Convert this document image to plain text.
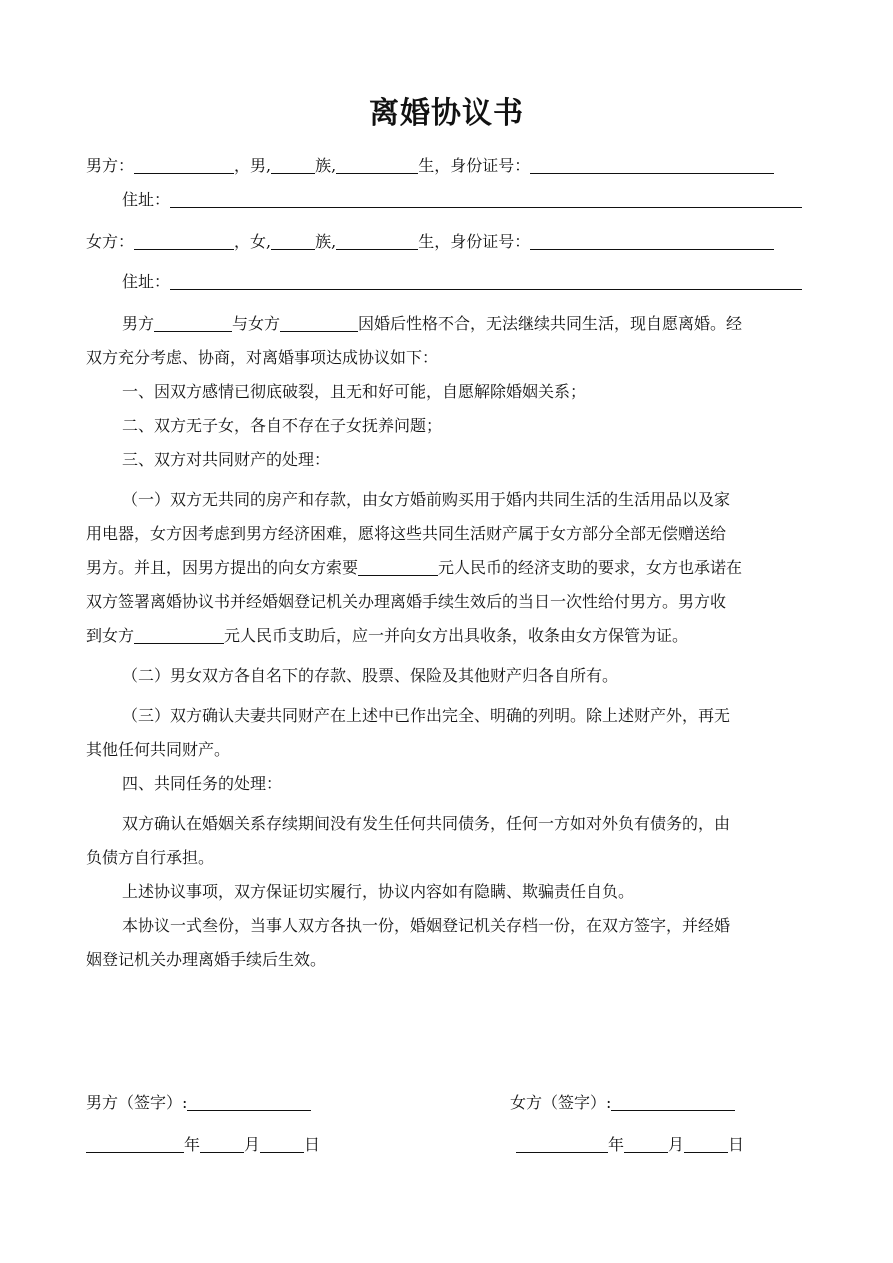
离婚协议书
男方：	，男,	族,	生，身份证号：
住址：
女方：	，女,	族,	生，身份证号：
住址：
男方	与女方	因婚后性格不合，无法继续共同生活，现自愿离婚。经
双方充分考虑、协商，对离婚事项达成协议如下：
一、因双方感情已彻底破裂，且无和好可能，自愿解除婚姻关系；
二、双方无子女，各自不存在子女抚养问题；
三、双方对共同财产的处理：
（一）双方无共同的房产和存款，由女方婚前购买用于婚内共同生活的生活用品以及家
用电器，女方因考虑到男方经济困难，愿将这些共同生活财产属于女方部分全部无偿赠送给
男方。并且，因男方提出的向女方索要	元人民币的经济支助的要求，女方也承诺在
双方签署离婚协议书并经婚姻登记机关办理离婚手续生效后的当日一次性给付男方。男方收
到女方	元人民币支助后，应一并向女方出具收条，收条由女方保管为证。
（二）男女双方各自名下的存款、股票、保险及其他财产归各自所有。
（三）双方确认夫妻共同财产在上述中已作出完全、明确的列明。除上述财产外，再无
其他任何共同财产。
四、共同任务的处理：
双方确认在婚姻关系存续期间没有发生任何共同债务，任何一方如对外负有债务的，由
负债方自行承担。
上述协议事项，双方保证切实履行，协议内容如有隐瞒、欺骗责任自负。
本协议一式叁份，当事人双方各执一份，婚姻登记机关存档一份，在双方签字，并经婚
姻登记机关办理离婚手续后生效。
男方（签字）:	女方（签字）:
年	月	日	年	月	日
